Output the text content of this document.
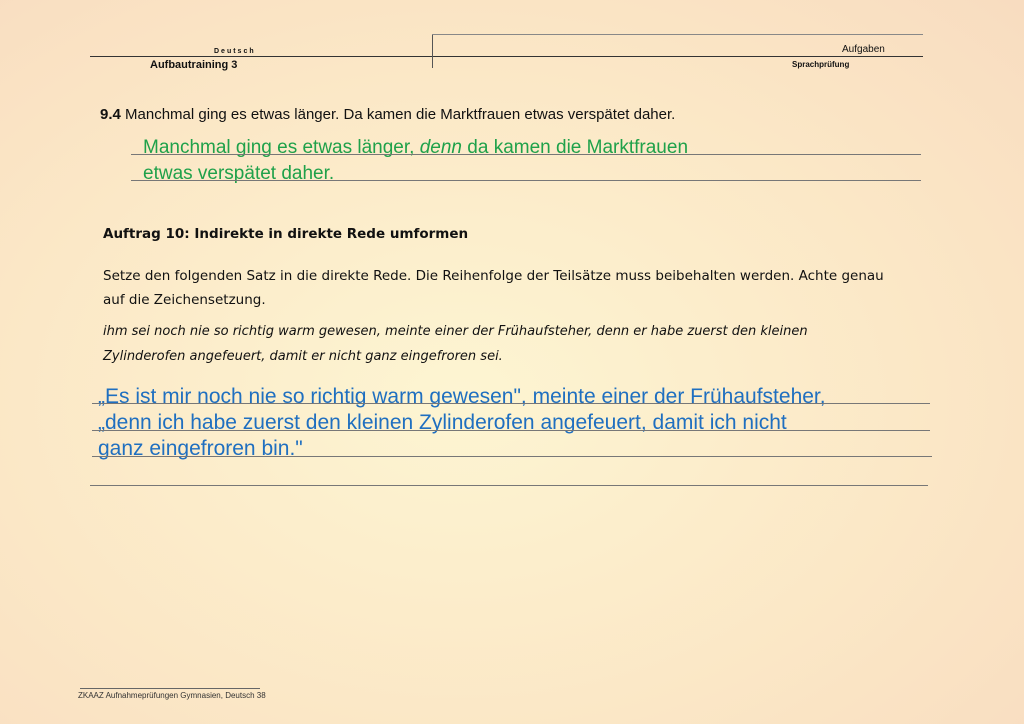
Deutsch
Aufbautraining 3
Aufgaben
Sprachprüfung
9.4 Manchmal ging es etwas länger. Da kamen die Marktfrauen etwas verspätet daher.
Manchmal ging es etwas länger, denn da kamen die Marktfrauen
etwas verspätet daher.
Auftrag 10: Indirekte in direkte Rede umformen
Setze den folgenden Satz in die direkte Rede. Die Reihenfolge der Teilsätze muss beibehalten werden. Achte genau
auf die Zeichensetzung.
ihm sei noch nie so richtig warm gewesen, meinte einer der Frühaufsteher, denn er habe zuerst den kleinen
Zylinderofen angefeuert, damit er nicht ganz eingefroren sei.
„Es ist mir noch nie so richtig warm gewesen", meinte einer der Frühaufsteher,
„denn ich habe zuerst den kleinen Zylinderofen angefeuert, damit ich nicht
ganz eingefroren bin."
ZKAAZ Aufnahmeprüfungen Gymnasien, Deutsch 38
